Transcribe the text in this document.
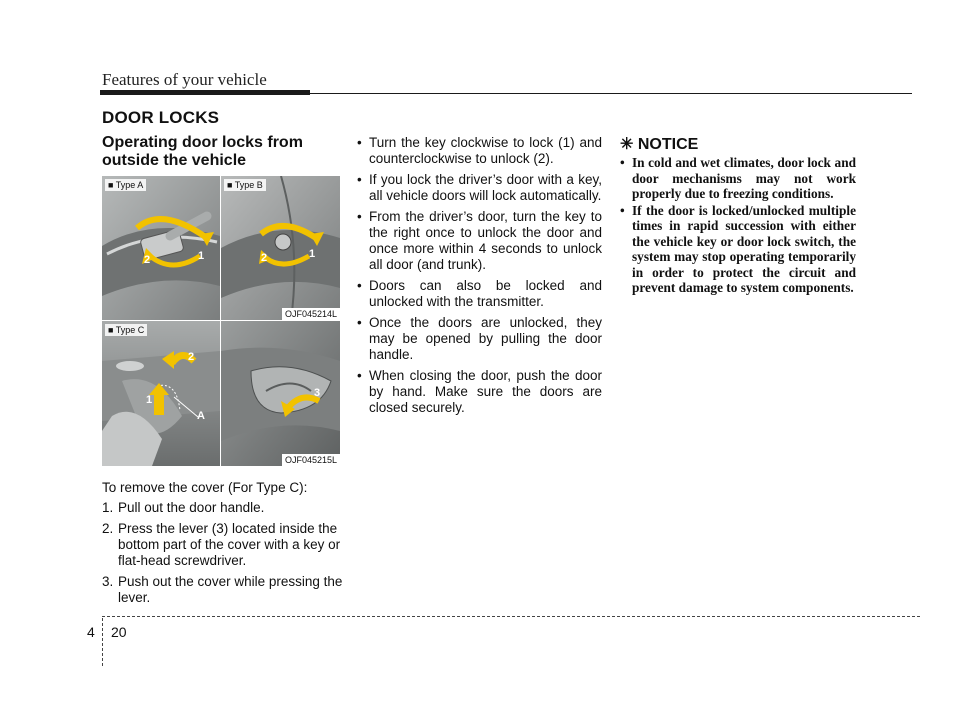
Features of your vehicle
DOOR LOCKS
Operating door locks from outside the vehicle
■ Type A
1
2
■ Type B
1
2
OJF045214L
■ Type C
2
1
A
3
OJF045215L

To remove the cover (For Type C):

1. Pull out the door handle.
2. Press the lever (3) located inside the bottom part of the cover with a key or flat-head screwdriver.
3. Push out the cover while pressing the lever.
• Turn the key clockwise to lock (1) and counterclockwise to unlock (2).
• If you lock the driver’s door with a key, all vehicle doors will lock automatically.
• From the driver’s door, turn the key to the right once to unlock the door and once more within 4 seconds to unlock all door (and trunk).
• Doors can also be locked and unlocked with the transmitter.
• Once the doors are unlocked, they may be opened by pulling the door handle.
• When closing the door, push the door by hand. Make sure the doors are closed securely.
✳ NOTICE
• In cold and wet climates, door lock and door mechanisms may not work properly due to freezing conditions.
• If the door is locked/unlocked multiple times in rapid succession with either the vehicle key or door lock switch, the system may stop operating temporarily in order to protect the circuit and prevent damage to system components.
4 20
